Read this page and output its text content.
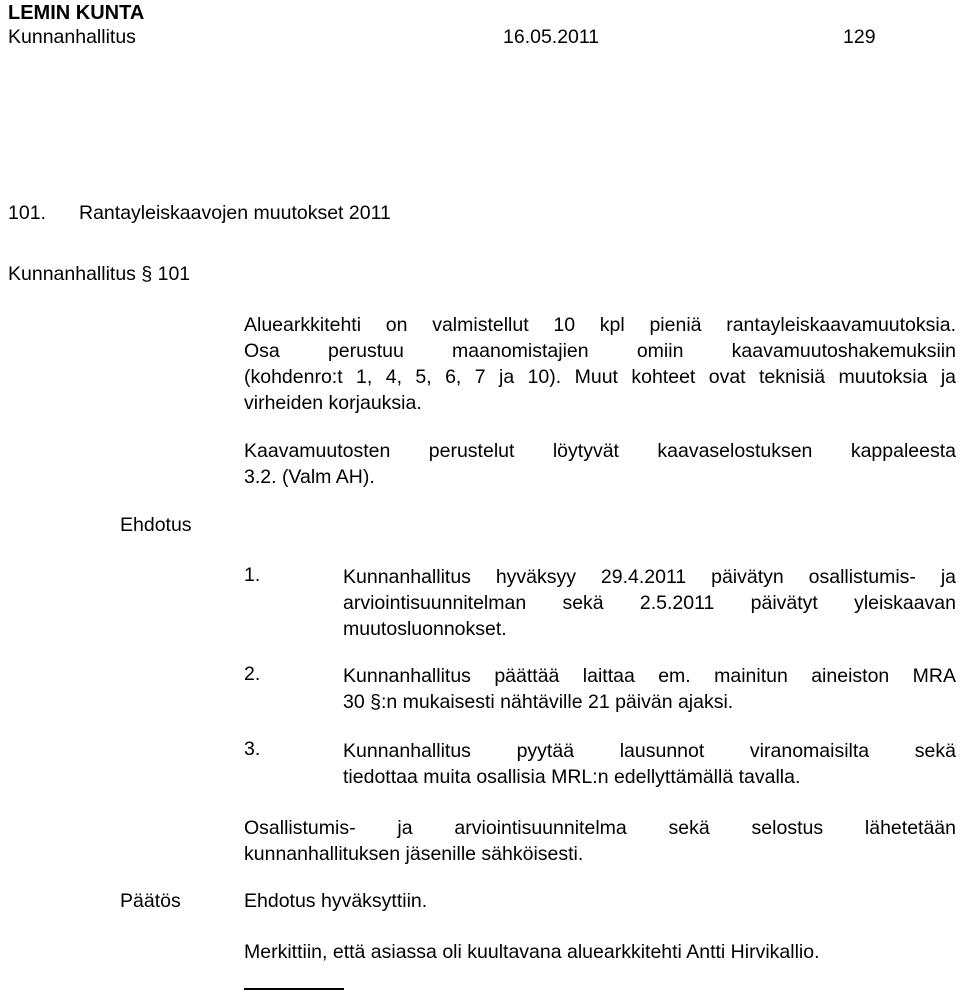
LEMIN KUNTA
Kunnanhallitus	16.05.2011	129
101. Rantayleiskaavojen muutokset 2011
Kunnanhallitus § 101
Aluearkkitehti on valmistellut 10 kpl pieniä rantayleiskaavamuutoksia.
Osa perustuu maanomistajien omiin kaavamuutoshakemuksiin
(kohdenro:t 1, 4, 5, 6, 7 ja 10). Muut kohteet ovat teknisiä muutoksia ja
virheiden korjauksia.
Kaavamuutosten perustelut löytyvät kaavaselostuksen kappaleesta
3.2. (Valm AH).
Ehdotus
1.	Kunnanhallitus hyväksyy 29.4.2011 päivätyn osallistumis- ja
arviointisuunnitelman sekä 2.5.2011 päivätyt yleiskaavan
muutosluonnokset.
2.	Kunnanhallitus päättää laittaa em. mainitun aineiston MRA
30 §:n mukaisesti nähtäville 21 päivän ajaksi.
3.	Kunnanhallitus pyytää lausunnot viranomaisilta sekä
tiedottaa muita osallisia MRL:n edellyttämällä tavalla.
Osallistumis- ja arviointisuunnitelma sekä selostus lähetetään
kunnanhallituksen jäsenille sähköisesti.
Päätös	Ehdotus hyväksyttiin.
Merkittiin, että asiassa oli kuultavana aluearkkitehti Antti Hirvikallio.
